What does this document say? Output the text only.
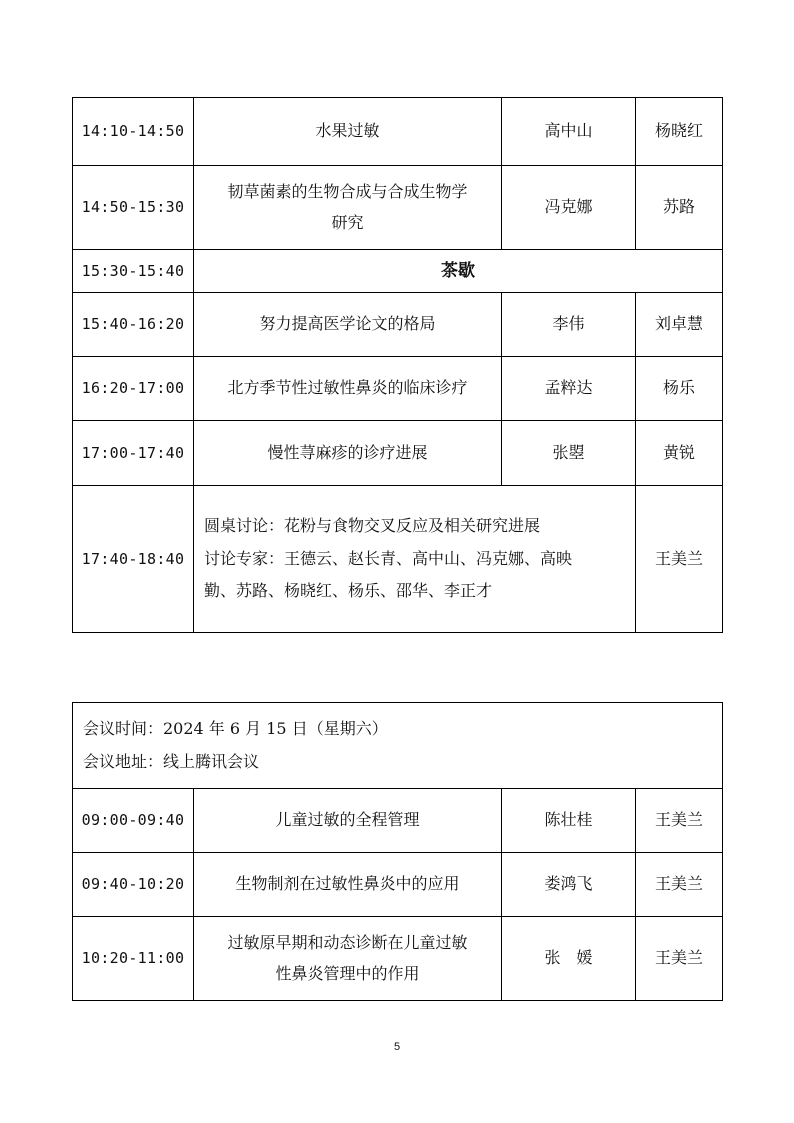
14:10-14:50	水果过敏	高中山	杨晓红
14:50-15:30	韧草菌素的生物合成与合成生物学
研究	冯克娜	苏路
15:30-15:40	茶歇		
15:40-16:20	努力提高医学论文的格局	李伟	刘卓慧
16:20-17:00	北方季节性过敏性鼻炎的临床诊疗	孟粹达	杨乐
17:00-17:40	慢性荨麻疹的诊疗进展	张曌	黄锐
17:40-18:40	圆桌讨论：花粉与食物交叉反应及相关研究进展
讨论专家：王德云、赵长青、高中山、冯克娜、高映
勤、苏路、杨晓红、杨乐、邵华、李正才		王美兰
会议时间：2024 年 6 月 15 日（星期六）
会议地址：线上腾讯会议			

09:00-09:40	儿童过敏的全程管理	陈壮桂	王美兰
09:40-10:20	生物制剂在过敏性鼻炎中的应用	娄鸿飞	王美兰
10:20-11:00	过敏原早期和动态诊断在儿童过敏
性鼻炎管理中的作用	张　媛	王美兰
5
